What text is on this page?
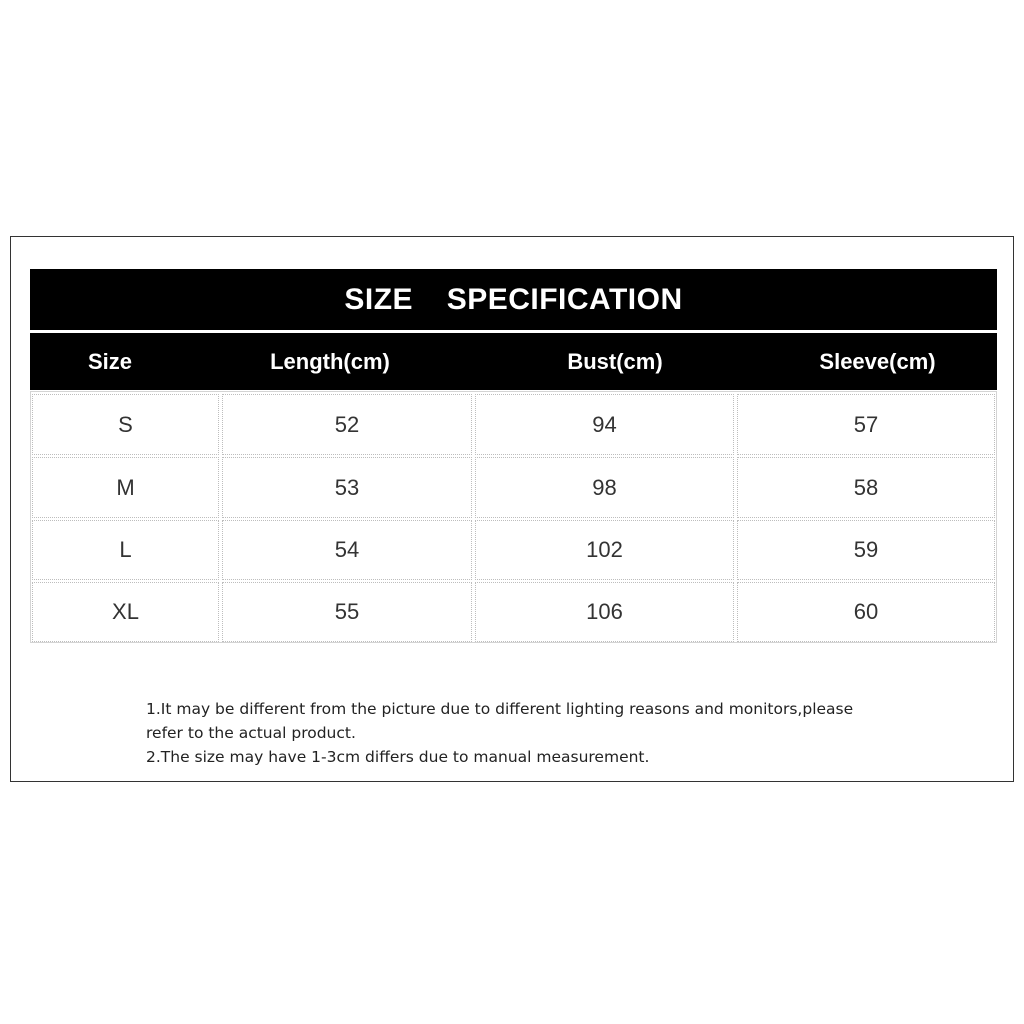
SIZE  SPECIFICATION
Size	Length(cm)	Bust(cm)	Sleeve(cm)
S	52	94	57
M	53	98	58
L	54	102	59
XL	55	106	60
1.It may be different from the picture due to different lighting reasons and monitors,please
refer to the actual product.
2.The size may have 1-3cm differs due to manual measurement.
